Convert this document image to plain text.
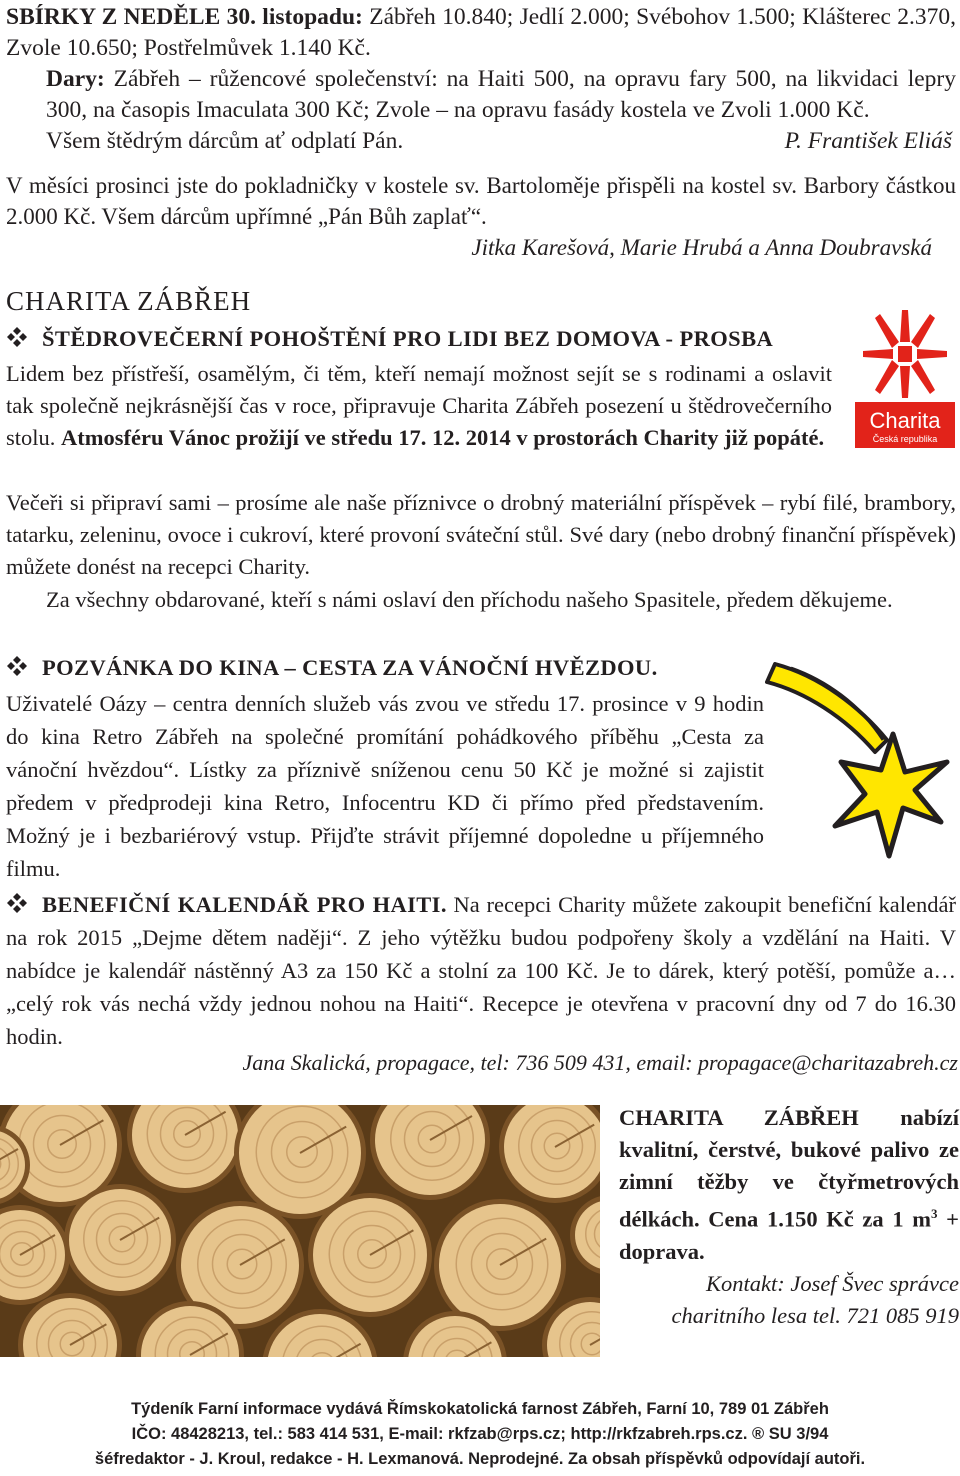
SBÍRKY Z NEDĚLE 30. listopadu: Zábřeh 10.840; Jedlí 2.000; Svébohov 1.500; Klášterec 2.370, Zvole 10.650; Postřelmůvek 1.140 Kč.
Dary: Zábřeh – růžencové společenství: na Haiti 500, na opravu fary 500, na likvidaci lepry 300, na časopis Imaculata 300 Kč; Zvole – na opravu fasády kostela ve Zvoli 1.000 Kč.
Všem štědrým dárcům ať odplatí Pán.	P. František Eliáš
V měsíci prosinci jste do pokladničky v kostele sv. Bartoloměje přispěli na kostel sv. Barbory částkou 2.000 Kč. Všem dárcům upřímné „Pán Bůh zaplať“.
Jitka Karešová, Marie Hrubá a Anna Doubravská
CHARITA ZÁBŘEH
ŠTĚDROVEČERNÍ POHOŠTĚNÍ PRO LIDI BEZ DOMOVA - PROSBA
Lidem bez přístřeší, osamělým, či těm, kteří nemají možnost sejít se s rodinami a oslavit tak společně nejkrásnější čas v roce, připravuje Charita Zábřeh posezení u štědrovečerního stolu. Atmosféru Vánoc prožijí ve středu 17. 12. 2014 v prostorách Charity již popáté.
Večeři si připraví sami – prosíme ale naše příznivce o drobný materiální příspěvek – rybí filé, brambory, tatarku, zeleninu, ovoce i cukroví, které provoní sváteční stůl. Své dary (nebo drobný finanční příspěvek) můžete donést na recepci Charity.
Za všechny obdarované, kteří s námi oslaví den příchodu našeho Spasitele, předem děkujeme.
Charita
Česká republika
POZVÁNKA DO KINA – CESTA ZA VÁNOČNÍ HVĚZDOU.
Uživatelé Oázy – centra denních služeb vás zvou ve středu 17. prosince v 9 hodin do kina Retro Zábřeh na společné promítání pohádkového příběhu „Cesta za vánoční hvězdou“. Lístky za příznivě sníženou cenu 50 Kč je možné si zajistit předem v předprodeji kina Retro, Infocentru KD či přímo před představením. Možný je i bezbariérový vstup. Přijďte strávit příjemné dopoledne u příjemného filmu.
BENEFIČNÍ KALENDÁŘ PRO HAITI. Na recepci Charity můžete zakoupit benefiční kalendář na rok 2015 „Dejme dětem naději“. Z jeho výtěžku budou podpořeny školy a vzdělání na Haiti. V nabídce je kalendář nástěnný A3 za 150 Kč a stolní za 100 Kč. Je to dárek, který potěší, pomůže a… „celý rok vás nechá vždy jednou nohou na Haiti“. Recepce je otevřena v pracovní dny od 7 do 16.30 hodin.
Jana Skalická, propagace, tel: 736 509 431, email: propagace@charitazabreh.cz
CHARITA ZÁBŘEH nabízí kvalitní, čerstvé, bukové palivo ze zimní těžby ve čtyřmetrových délkách. Cena 1.150 Kč za 1 $m^3$ + doprava.
Kontakt: Josef Švec správce charitního lesa tel. 721 085 919
Týdeník Farní informace vydává Římskokatolická farnost Zábřeh, Farní 10, 789 01 Zábřeh
IČO: 48428213, tel.: 583 414 531, E-mail: rkfzab@rps.cz; http://rkfzabreh.rps.cz. ® SU 3/94
šéfredaktor - J. Kroul, redakce - H. Lexmanová. Neprodejné. Za obsah příspěvků odpovídají autoři.
